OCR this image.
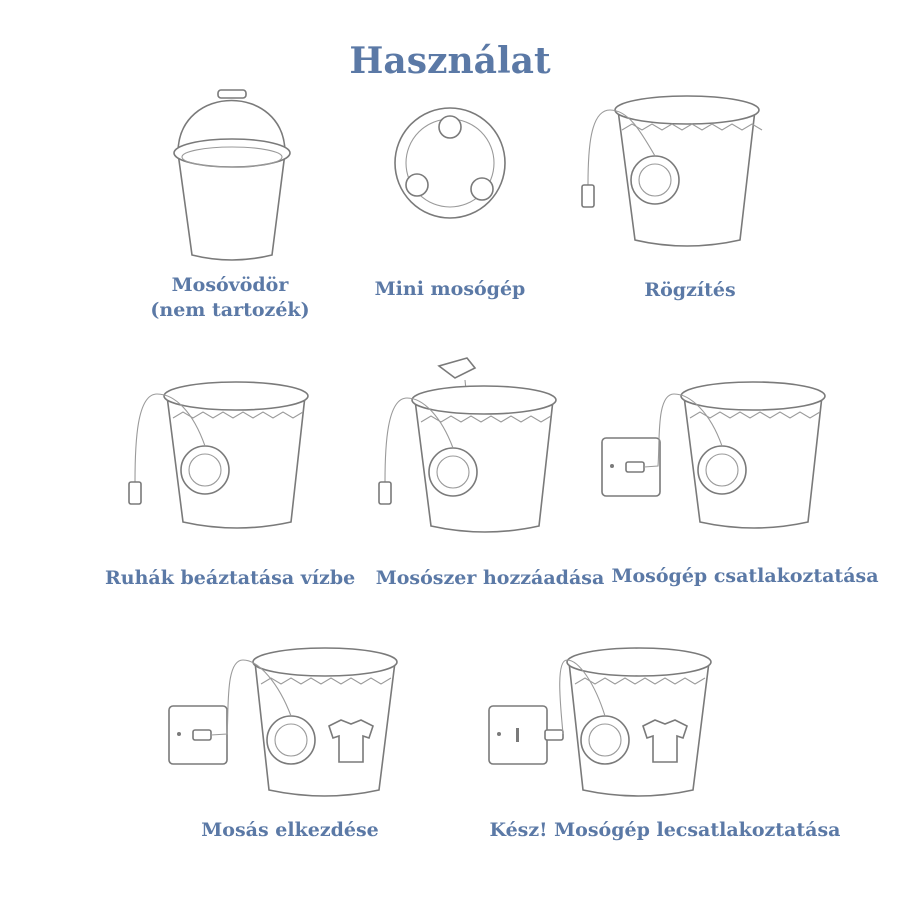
Használat
Mosóvödör
(nem tartozék)
Mini mosógép	Rögzítés
Ruhák beáztatása vízbe	Mosószer hozzáadása Mosógép csatlakoztatása
Mosás elkezdése	Kész! Mosógép lecsatlakoztatása
